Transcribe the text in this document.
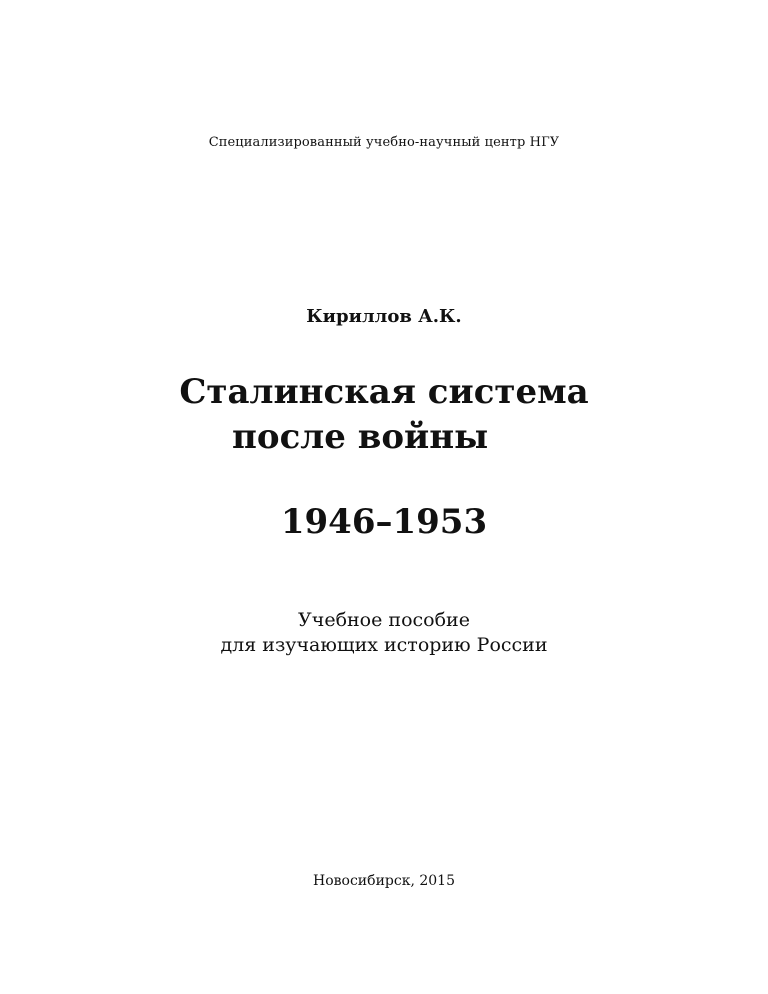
Специализированный учебно-научный центр НГУ

Кириллов А.К.

Сталинская система
после войны

1946–1953

Учебное пособие
для изучающих историю России

Новосибирск, 2015
